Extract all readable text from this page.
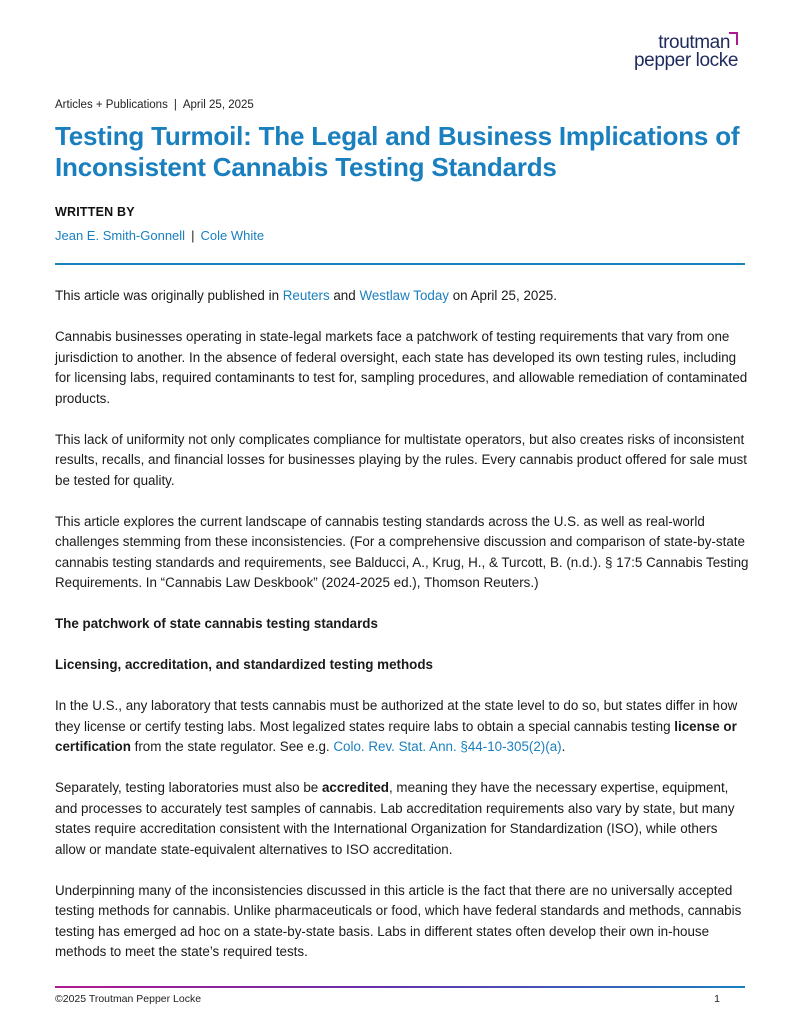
troutman
pepper locke
Articles + Publications | April 25, 2025
Testing Turmoil: The Legal and Business Implications of Inconsistent Cannabis Testing Standards
WRITTEN BY
Jean E. Smith-Gonnell | Cole White

This article was originally published in Reuters and Westlaw Today on April 25, 2025.

Cannabis businesses operating in state-legal markets face a patchwork of testing requirements that vary from one jurisdiction to another. In the absence of federal oversight, each state has developed its own testing rules, including for licensing labs, required contaminants to test for, sampling procedures, and allowable remediation of contaminated products.

This lack of uniformity not only complicates compliance for multistate operators, but also creates risks of inconsistent results, recalls, and financial losses for businesses playing by the rules. Every cannabis product offered for sale must be tested for quality.

This article explores the current landscape of cannabis testing standards across the U.S. as well as real-world challenges stemming from these inconsistencies. (For a comprehensive discussion and comparison of state-by-state cannabis testing standards and requirements, see Balducci, A., Krug, H., & Turcott, B. (n.d.). § 17:5 Cannabis Testing Requirements. In “Cannabis Law Deskbook” (2024-2025 ed.), Thomson Reuters.)

The patchwork of state cannabis testing standards

Licensing, accreditation, and standardized testing methods

In the U.S., any laboratory that tests cannabis must be authorized at the state level to do so, but states differ in how they license or certify testing labs. Most legalized states require labs to obtain a special cannabis testing license or certification from the state regulator. See e.g. Colo. Rev. Stat. Ann. §44-10-305(2)(a).

Separately, testing laboratories must also be accredited, meaning they have the necessary expertise, equipment, and processes to accurately test samples of cannabis. Lab accreditation requirements also vary by state, but many states require accreditation consistent with the International Organization for Standardization (ISO), while others allow or mandate state-equivalent alternatives to ISO accreditation.

Underpinning many of the inconsistencies discussed in this article is the fact that there are no universally accepted testing methods for cannabis. Unlike pharmaceuticals or food, which have federal standards and methods, cannabis testing has emerged ad hoc on a state-by-state basis. Labs in different states often develop their own in-house methods to meet the state’s required tests.

©2025 Troutman Pepper Locke	1
